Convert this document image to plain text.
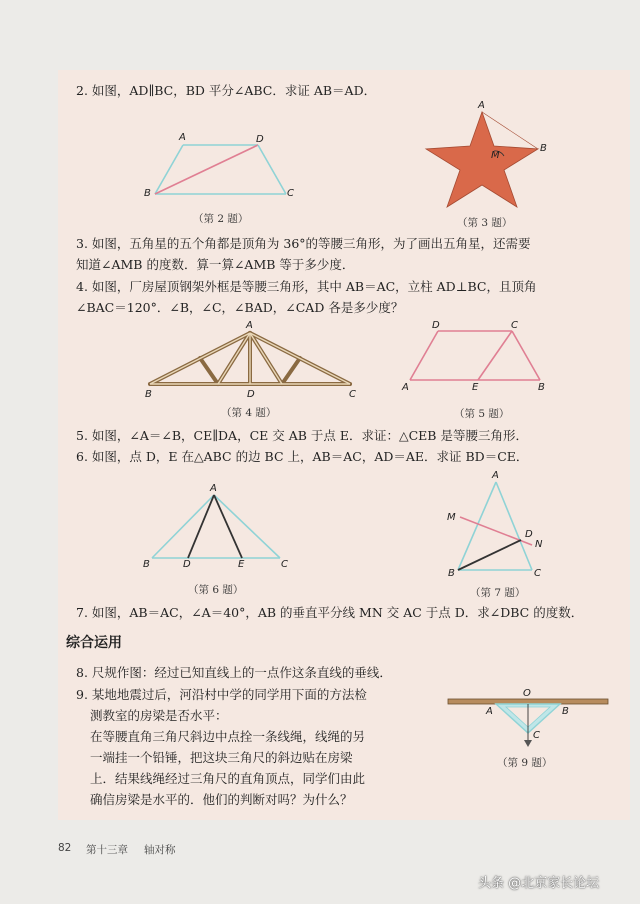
2. 如图，AD∥BC，BD 平分∠ABC．求证 AB＝AD．
A	D
B	C
（第 2 题）
A
B
M
（第 3 题）
3. 如图，五角星的五个角都是顶角为 36°的等腰三角形，为了画出五角星，还需要
知道∠AMB 的度数．算一算∠AMB 等于多少度．
4. 如图，厂房屋顶钢架外框是等腰三角形，其中 AB＝AC，立柱 AD⊥BC，且顶角
∠BAC＝120°．∠B，∠C，∠BAD，∠CAD 各是多少度？
A
B	D	C
（第 4 题）
D	C
A	E	B
（第 5 题）
5. 如图，∠A＝∠B，CE∥DA，CE 交 AB 于点 E．求证：△CEB 是等腰三角形．
6. 如图，点 D，E 在△ABC 的边 BC 上，AB＝AC，AD＝AE．求证 BD＝CE．
A
B	D	E	C
（第 6 题）
A
M
D
N
B	C
（第 7 题）
7. 如图，AB＝AC，∠A＝40°，AB 的垂直平分线 MN 交 AC 于点 D．求∠DBC 的度数．
综合运用
8. 尺规作图：经过已知直线上的一点作这条直线的垂线．
9. 某地地震过后，河沿村中学的同学用下面的方法检
测教室的房梁是否水平：
在等腰直角三角尺斜边中点拴一条线绳，线绳的另
一端挂一个铅锤，把这块三角尺的斜边贴在房梁
上．结果线绳经过三角尺的直角顶点，同学们由此
确信房梁是水平的．他们的判断对吗？为什么？
O
A	B
C
（第 9 题）
82 第十三章 轴对称
头条 @北京家长论坛
